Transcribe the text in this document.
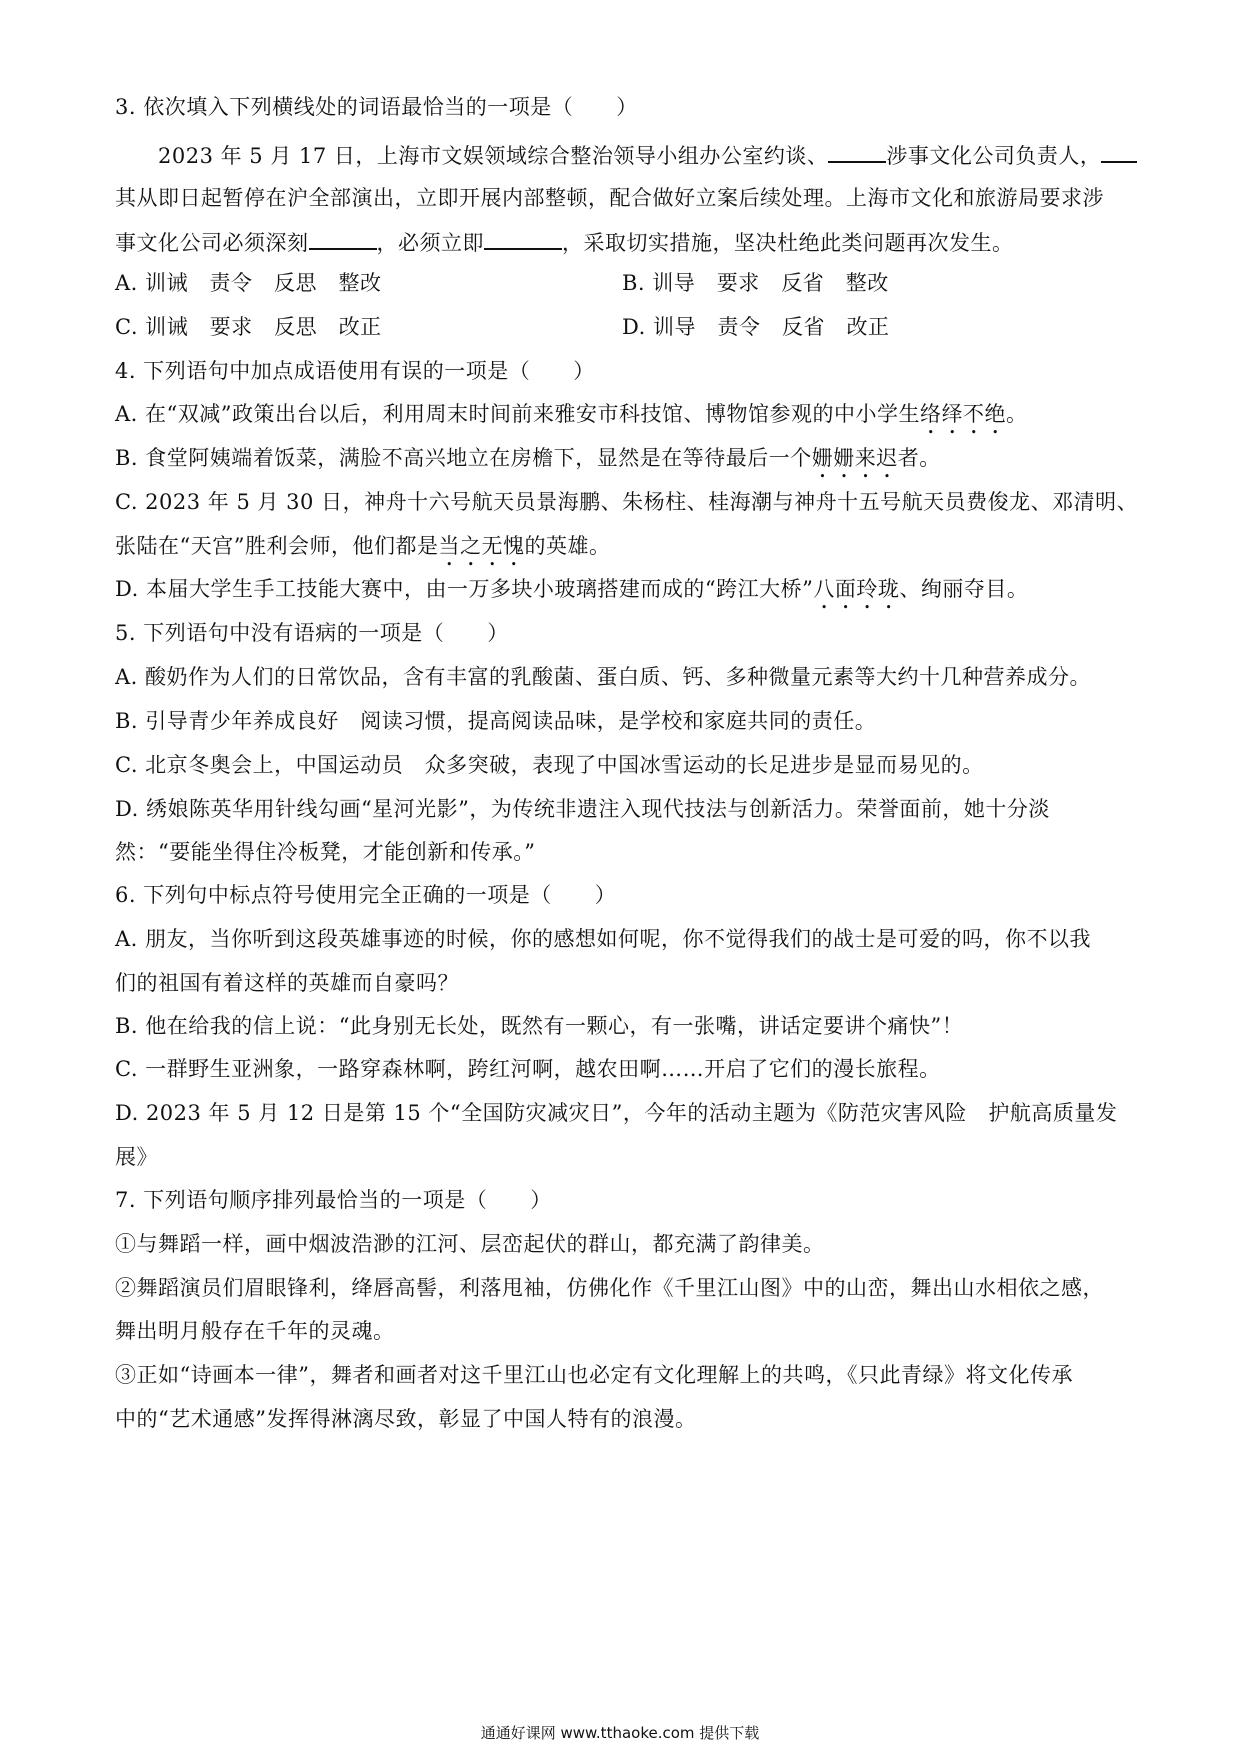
3. 依次填入下列横线处的词语最恰当的一项是（　　）
2023 年 5 月 17 日，上海市文娱领域综合整治领导小组办公室约谈、	涉事文化公司负责人，
其从即日起暂停在沪全部演出，立即开展内部整顿，配合做好立案后续处理。上海市文化和旅游局要求涉
事文化公司必须深刻	，必须立即	，采取切实措施，坚决杜绝此类问题再次发生。
A. 训诫　责令　反思　整改	B. 训导　要求　反省　整改
C. 训诫　要求　反思　改正	D. 训导　责令　反省　改正
4. 下列语句中加点成语使用有误的一项是（　　）
A. 在“双减”政策出台以后，利用周末时间前来雅安市科技馆、博物馆参观的中小学生络绎不绝。
B. 食堂阿姨端着饭菜，满脸不高兴地立在房檐下，显然是在等待最后一个姗姗来迟者。
C. 2023 年 5 月 30 日，神舟十六号航天员景海鹏、朱杨柱、桂海潮与神舟十五号航天员费俊龙、邓清明、
张陆在“天宫”胜利会师，他们都是当之无愧的英雄。
D. 本届大学生手工技能大赛中，由一万多块小玻璃搭建而成的“跨江大桥”八面玲珑、绚丽夺目。
5. 下列语句中没有语病的一项是（　　）
A. 酸奶作为人们的日常饮品，含有丰富的乳酸菌、蛋白质、钙、多种微量元素等大约十几种营养成分。
B. 引导青少年养成良好　阅读习惯，提高阅读品味，是学校和家庭共同的责任。
C. 北京冬奥会上，中国运动员　众多突破，表现了中国冰雪运动的长足进步是显而易见的。
D. 绣娘陈英华用针线勾画“星河光影”，为传统非遗注入现代技法与创新活力。荣誉面前，她十分淡
然：“要能坐得住冷板凳，才能创新和传承。”
6. 下列句中标点符号使用完全正确的一项是（　　）
A. 朋友，当你听到这段英雄事迹的时候，你的感想如何呢，你不觉得我们的战士是可爱的吗，你不以我
们的祖国有着这样的英雄而自豪吗？
B. 他在给我的信上说：“此身别无长处，既然有一颗心，有一张嘴，讲话定要讲个痛快”！
C. 一群野生亚洲象，一路穿森林啊，跨红河啊，越农田啊……开启了它们的漫长旅程。
D. 2023 年 5 月 12 日是第 15 个“全国防灾减灾日”，今年的活动主题为《防范灾害风险　护航高质量发
展》
7. 下列语句顺序排列最恰当的一项是（　　）
①与舞蹈一样，画中烟波浩渺的江河、层峦起伏的群山，都充满了韵律美。
②舞蹈演员们眉眼锋利，绛唇高髻，利落甩袖，仿佛化作《千里江山图》中的山峦，舞出山水相依之感，
舞出明月般存在千年的灵魂。
③正如“诗画本一律”，舞者和画者对这千里江山也必定有文化理解上的共鸣，《只此青绿》将文化传承
中的“艺术通感”发挥得淋漓尽致，彰显了中国人特有的浪漫。
通通好课网 www.tthaoke.com 提供下载
